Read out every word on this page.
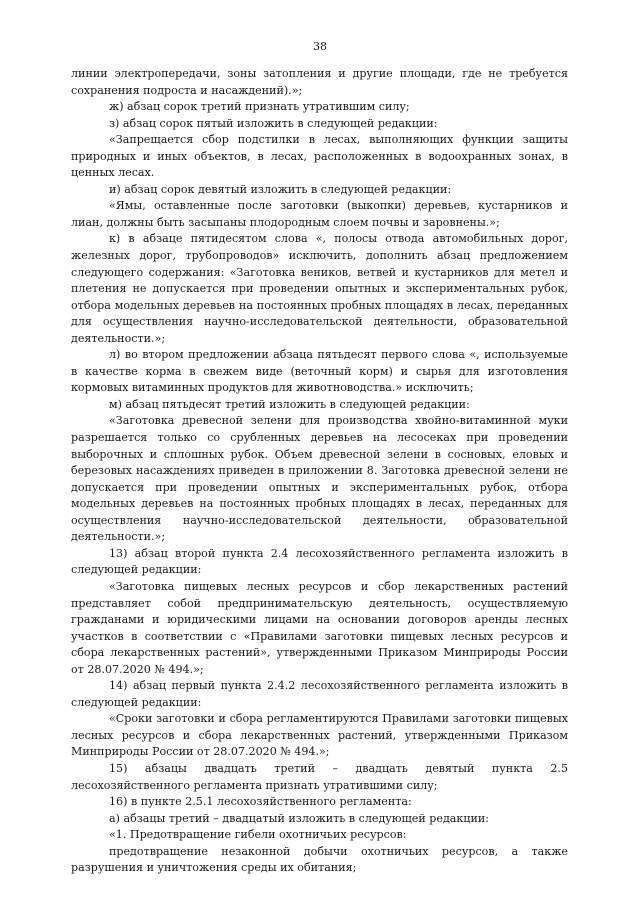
38

линии электропередачи, зоны затопления и другие площади, где не требуется сохранения подроста и насаждений).»;

ж) абзац сорок третий признать утратившим силу;

з) абзац сорок пятый изложить в следующей редакции:

«Запрещается сбор подстилки в лесах, выполняющих функции защиты природных и иных объектов, в лесах, расположенных в водоохранных зонах, в ценных лесах.

и) абзац сорок девятый изложить в следующей редакции:

«Ямы, оставленные после заготовки (выкопки) деревьев, кустарников и лиан, должны быть засыпаны плодородным слоем почвы и заровнены.»;

к) в абзаце пятидесятом слова «, полосы отвода автомобильных дорог, железных дорог, трубопроводов» исключить, дополнить абзац предложением следующего содержания: «Заготовка веников, ветвей и кустарников для метел и плетения не допускается при проведении опытных и экспериментальных рубок, отбора модельных деревьев на постоянных пробных площадях в лесах, переданных для осуществления научно-исследовательской деятельности, образовательной деятельности.»;

л) во втором предложении абзаца пятьдесят первого слова «, используемые в качестве корма в свежем виде (веточный корм) и сырья для изготовления кормовых витаминных продуктов для животноводства.» исключить;

м) абзац пятьдесят третий изложить в следующей редакции:

«Заготовка древесной зелени для производства хвойно-витаминной муки разрешается только со срубленных деревьев на лесосеках при проведении выборочных и сплошных рубок. Объем древесной зелени в сосновых, еловых и березовых насаждениях приведен в приложении 8. Заготовка древесной зелени не допускается при проведении опытных и экспериментальных рубок, отбора модельных деревьев на постоянных пробных площадях в лесах, переданных для осуществления научно-исследовательской деятельности, образовательной деятельности.»;

13) абзац второй пункта 2.4 лесохозяйственного регламента изложить в следующей редакции:

«Заготовка пищевых лесных ресурсов и сбор лекарственных растений представляет собой предпринимательскую деятельность, осуществляемую гражданами и юридическими лицами на основании договоров аренды лесных участков в соответствии с «Правилами заготовки пищевых лесных ресурсов и сбора лекарственных растений», утвержденными Приказом Минприроды России от 28.07.2020 № 494.»;

14) абзац первый пункта 2.4.2 лесохозяйственного регламента изложить в следующей редакции:

«Сроки заготовки и сбора регламентируются Правилами заготовки пищевых лесных ресурсов и сбора лекарственных растений, утвержденными Приказом Минприроды России от 28.07.2020 № 494.»;

15) абзацы двадцать третий – двадцать девятый пункта 2.5 лесохозяйственного регламента признать утратившими силу;

16) в пункте 2.5.1 лесохозяйственного регламента:

а) абзацы третий – двадцатый изложить в следующей редакции:

«1. Предотвращение гибели охотничьих ресурсов:

предотвращение незаконной добычи охотничьих ресурсов, а также разрушения и уничтожения среды их обитания;
